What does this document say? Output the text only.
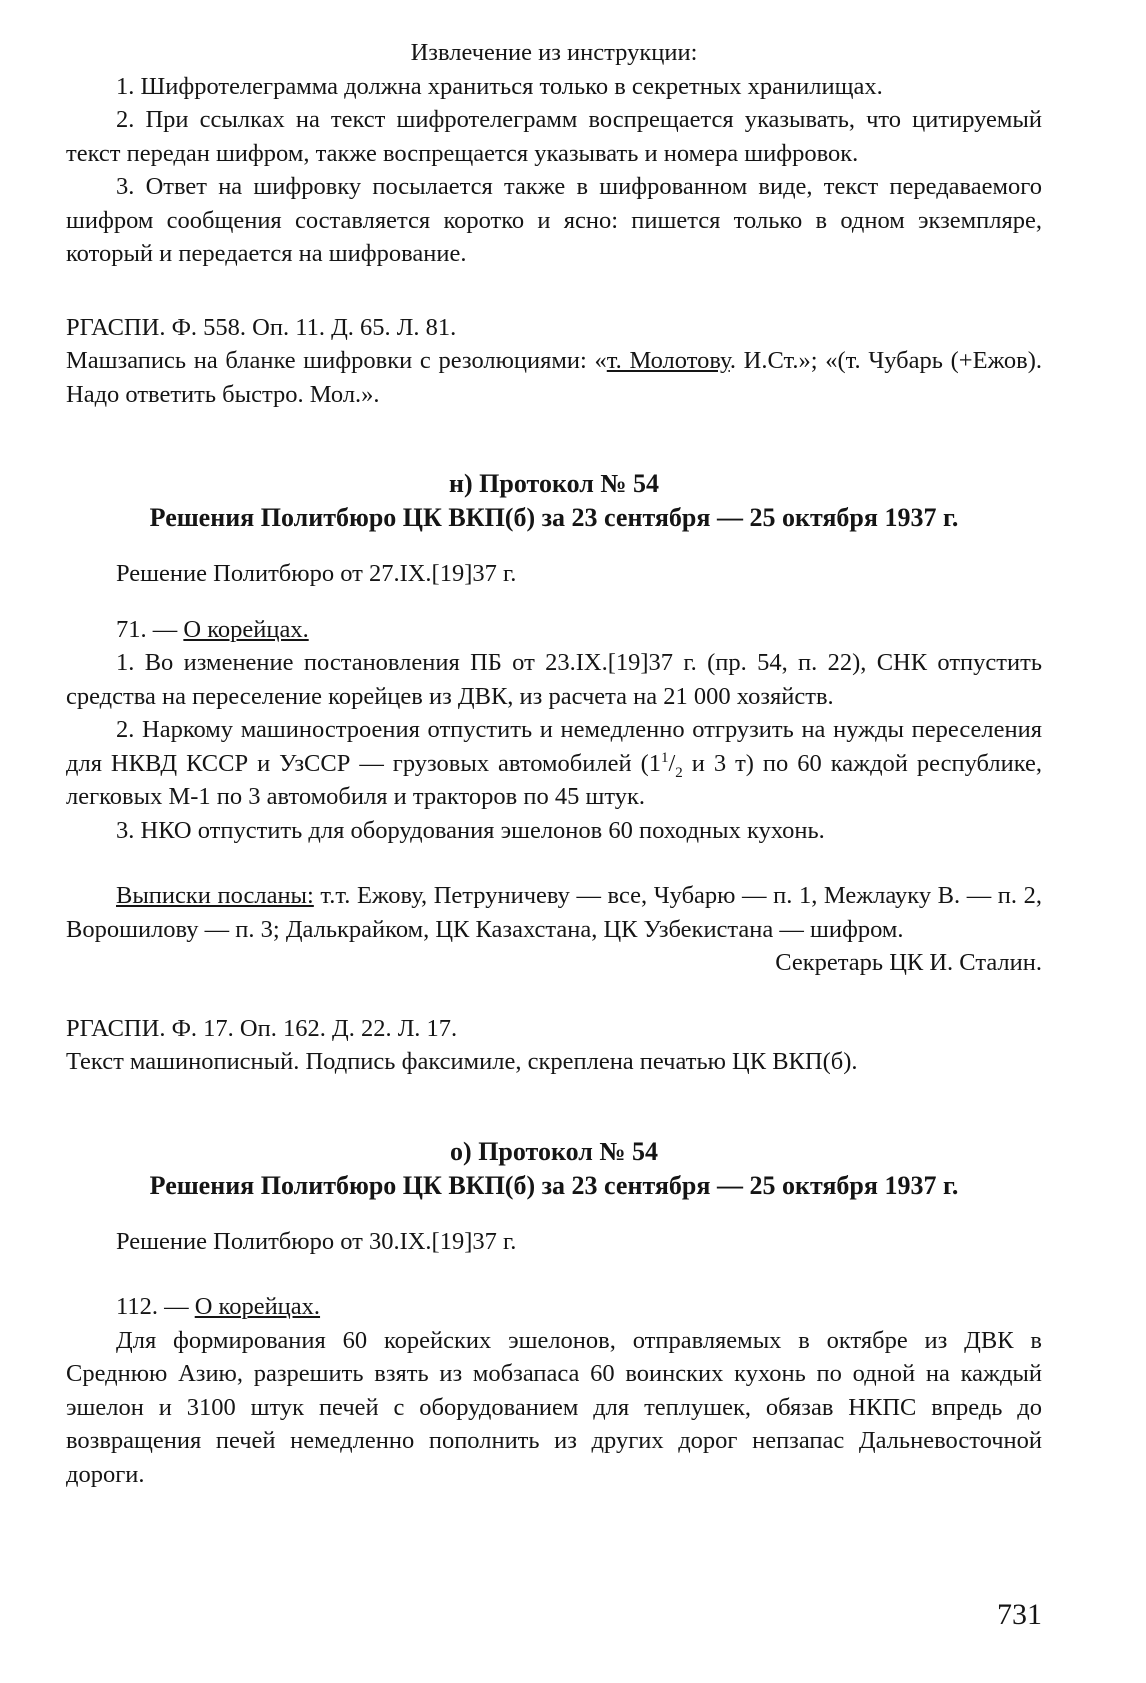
Извлечение из инструкции:

1. Шифротелеграмма должна храниться только в секретных хранилищах.

2. При ссылках на текст шифротелеграмм воспрещается указывать, что цитируемый текст передан шифром, также воспрещается указывать и номера шифровок.

3. Ответ на шифровку посылается также в шифрованном виде, текст передаваемого шифром сообщения составляется коротко и ясно: пишется только в одном экземпляре, который и передается на шифрование.

РГАСПИ. Ф. 558. Оп. 11. Д. 65. Л. 81.

Машзапись на бланке шифровки с резолюциями: «т. Молотову. И.Ст.»; «(т. Чубарь (+Ежов). Надо ответить быстро. Мол.».

н) Протокол № 54
Решения Политбюро ЦК ВКП(б) за 23 сентября — 25 октября 1937 г.

Решение Политбюро от 27.IX.[19]37 г.

71. — О корейцах.

1. Во изменение постановления ПБ от 23.IX.[19]37 г. (пр. 54, п. 22), СНК отпустить средства на переселение корейцев из ДВК, из расчета на 21 000 хозяйств.

2. Наркому машиностроения отпустить и немедленно отгрузить на нужды переселения для НКВД КССР и УзССР — грузовых автомобилей ($1^1/_2$ и 3 т) по 60 каждой республике, легковых М-1 по 3 автомобиля и тракторов по 45 штук.

3. НКО отпустить для оборудования эшелонов 60 походных кухонь.

Выписки посланы: т.т. Ежову, Петруничеву — все, Чубарю — п. 1, Межлауку В. — п. 2, Ворошилову — п. 3; Далькрайком, ЦК Казахстана, ЦК Узбекистана — шифром.

Секретарь ЦК И. Сталин.

РГАСПИ. Ф. 17. Оп. 162. Д. 22. Л. 17.

Текст машинописный. Подпись факсимиле, скреплена печатью ЦК ВКП(б).

о) Протокол № 54
Решения Политбюро ЦК ВКП(б) за 23 сентября — 25 октября 1937 г.

Решение Политбюро от 30.IX.[19]37 г.

112. — О корейцах.

Для формирования 60 корейских эшелонов, отправляемых в октябре из ДВК в Среднюю Азию, разрешить взять из мобзапаса 60 воинских кухонь по одной на каждый эшелон и 3100 штук печей с оборудованием для теплушек, обязав НКПС впредь до возвращения печей немедленно пополнить из других дорог непзапас Дальневосточной дороги.

731
